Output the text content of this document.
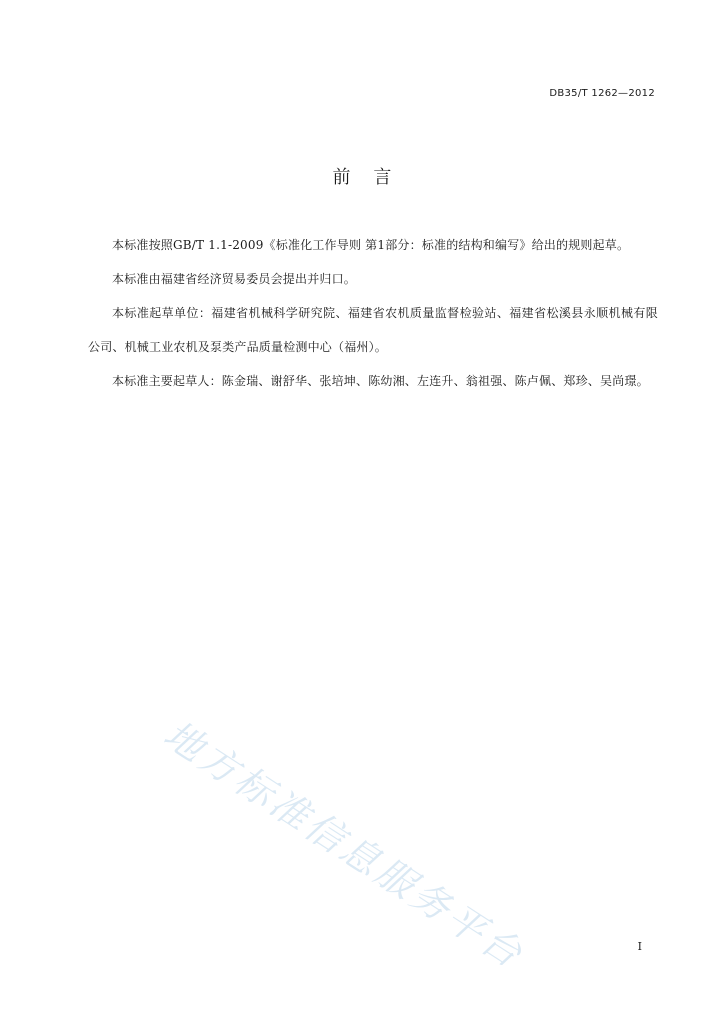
DB35/T 1262—2012
前    言

本标准按照GB/T 1.1-2009《标准化工作导则 第1部分：标准的结构和编写》给出的规则起草。

本标准由福建省经济贸易委员会提出并归口。

本标准起草单位：福建省机械科学研究院、福建省农机质量监督检验站、福建省松溪县永顺机械有限公司、机械工业农机及泵类产品质量检测中心（福州）。

本标准主要起草人：陈金瑞、谢舒华、张培坤、陈幼湘、左连升、翁祖强、陈卢佩、郑珍、吴尚璟。

地方标准信息服务平台	I
